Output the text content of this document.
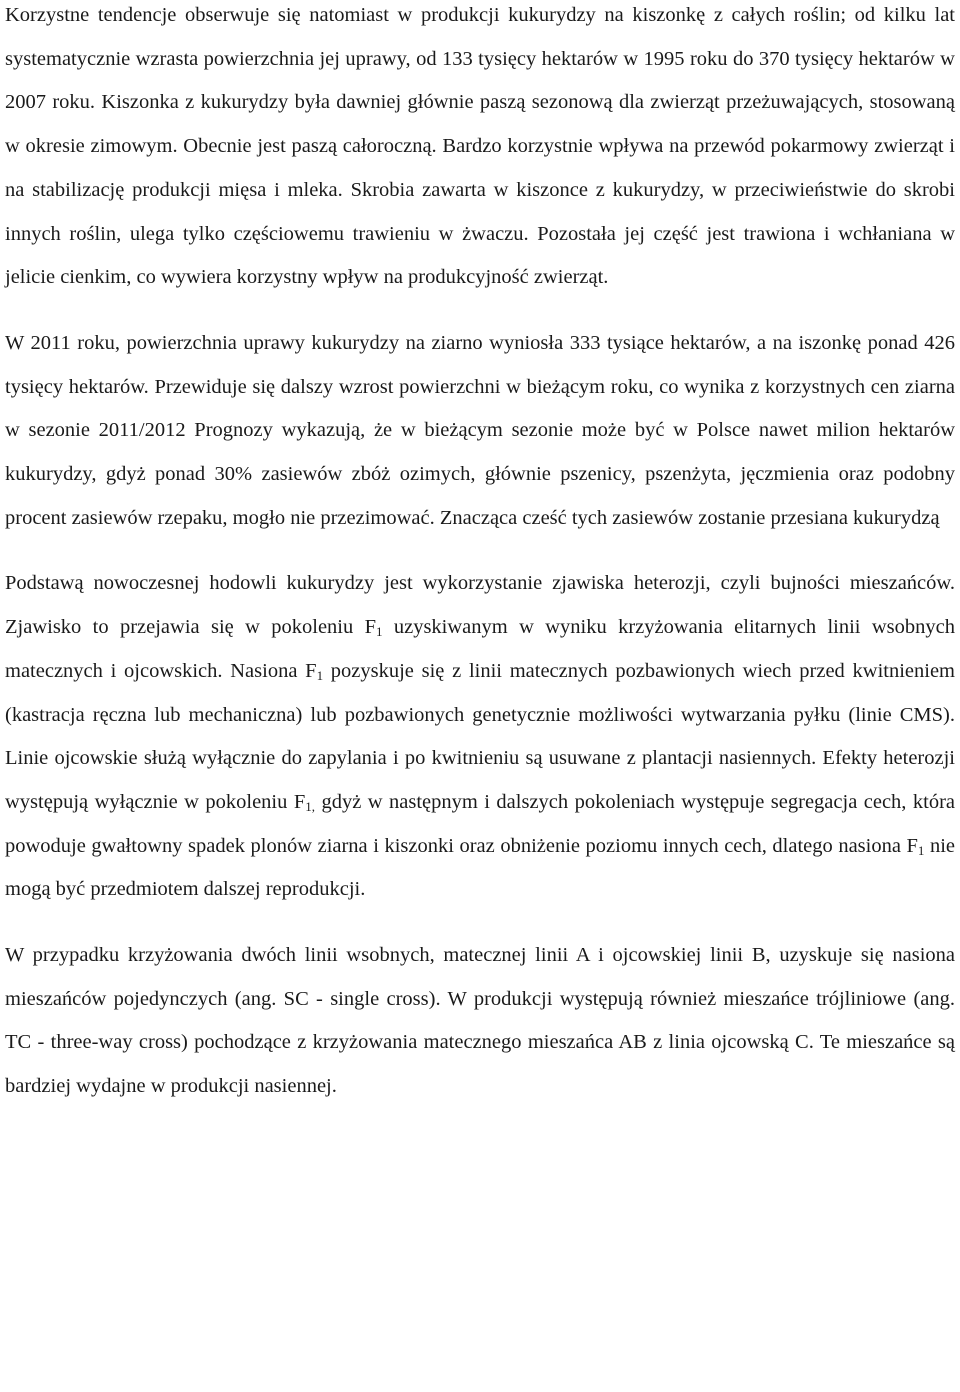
Korzystne tendencje obserwuje się natomiast w produkcji kukurydzy na kiszonkę z całych roślin; od kilku lat systematycznie wzrasta powierzchnia jej uprawy, od 133 tysięcy hektarów w 1995 roku do 370 tysięcy hektarów w 2007 roku. Kiszonka z kukurydzy była dawniej głównie paszą sezonową dla zwierząt przeżuwających, stosowaną w okresie zimowym. Obecnie jest paszą całoroczną. Bardzo korzystnie wpływa na przewód pokarmowy zwierząt i na stabilizację produkcji mięsa i mleka. Skrobia zawarta w kiszonce z kukurydzy, w przeciwieństwie do skrobi innych roślin, ulega tylko częściowemu trawieniu w żwaczu. Pozostała jej część jest trawiona i wchłaniana w jelicie cienkim, co wywiera korzystny wpływ na produkcyjność zwierząt.

W 2011 roku, powierzchnia uprawy kukurydzy na ziarno wyniosła 333 tysiące hektarów, a na iszonkę ponad 426 tysięcy hektarów. Przewiduje się dalszy wzrost powierzchni w bieżącym roku, co wynika z korzystnych cen ziarna w sezonie 2011/2012 Prognozy wykazują, że w bieżącym sezonie może być w Polsce nawet milion hektarów kukurydzy, gdyż ponad 30% zasiewów zbóż ozimych, głównie pszenicy, pszenżyta, jęczmienia oraz podobny procent zasiewów rzepaku, mogło nie przezimować. Znacząca cześć tych zasiewów zostanie przesiana kukurydzą

Podstawą nowoczesnej hodowli kukurydzy jest wykorzystanie zjawiska heterozji, czyli bujności mieszańców. Zjawisko to przejawia się w pokoleniu $F_1$ uzyskiwanym w wyniku krzyżowania elitarnych linii wsobnych matecznych i ojcowskich. Nasiona $F_1$ pozyskuje się z linii matecznych pozbawionych wiech przed kwitnieniem (kastracja ręczna lub mechaniczna) lub pozbawionych genetycznie możliwości wytwarzania pyłku (linie CMS). Linie ojcowskie służą wyłącznie do zapylania i po kwitnieniu są usuwane z plantacji nasiennych. Efekty heterozji występują wyłącznie w pokoleniu $F_{1,}$ gdyż w następnym i dalszych pokoleniach występuje segregacja cech, która powoduje gwałtowny spadek plonów ziarna i kiszonki oraz obniżenie poziomu innych cech, dlatego nasiona $F_1$ nie mogą być przedmiotem dalszej reprodukcji.

W przypadku krzyżowania dwóch linii wsobnych, matecznej linii A i ojcowskiej linii B, uzyskuje się nasiona mieszańców pojedynczych (ang. SC - single cross). W produkcji występują również mieszańce trójliniowe (ang. TC - three-way cross) pochodzące z krzyżowania matecznego mieszańca AB z linia ojcowską C. Te mieszańce są bardziej wydajne w produkcji nasiennej.
